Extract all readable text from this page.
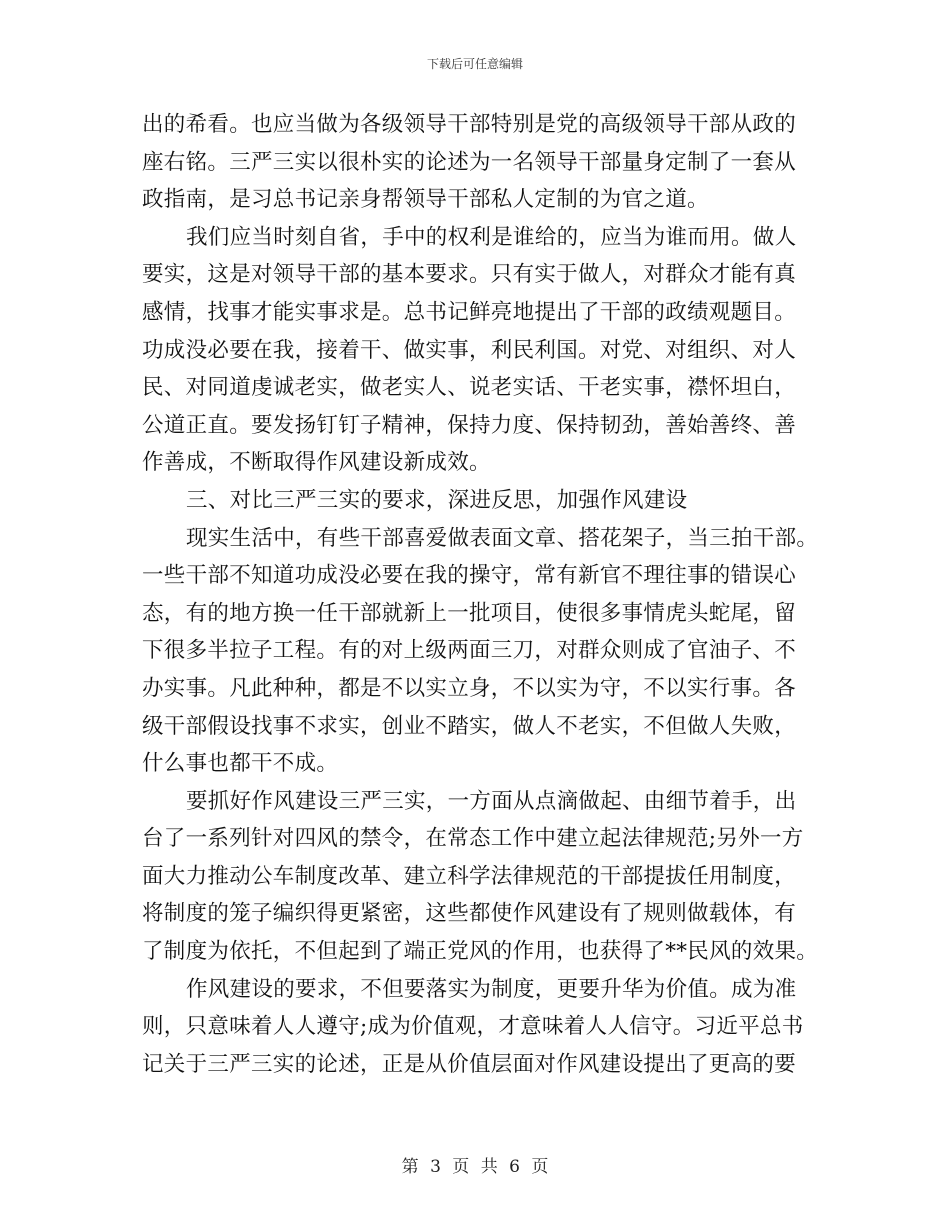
下载后可任意编辑

出的希看。也应当做为各级领导干部特别是党的高级领导干部从政的

座右铭。三严三实以很朴实的论述为一名领导干部量身定制了一套从

政指南，是习总书记亲身帮领导干部私人定制的为官之道。

我们应当时刻自省，手中的权利是谁给的，应当为谁而用。做人

要实，这是对领导干部的基本要求。只有实于做人，对群众才能有真

感情，找事才能实事求是。总书记鲜亮地提出了干部的政绩观题目。

功成没必要在我，接着干、做实事，利民利国。对党、对组织、对人

民、对同道虔诚老实，做老实人、说老实话、干老实事，襟怀坦白，

公道正直。要发扬钉钉子精神，保持力度、保持韧劲，善始善终、善

作善成，不断取得作风建设新成效。

三、对比三严三实的要求，深进反思，加强作风建设

现实生活中，有些干部喜爱做表面文章、搭花架子，当三拍干部。

一些干部不知道功成没必要在我的操守，常有新官不理往事的错误心

态，有的地方换一任干部就新上一批项目，使很多事情虎头蛇尾，留

下很多半拉子工程。有的对上级两面三刀，对群众则成了官油子、不

办实事。凡此种种，都是不以实立身，不以实为守，不以实行事。各

级干部假设找事不求实，创业不踏实，做人不老实，不但做人失败，

什么事也都干不成。

要抓好作风建设三严三实，一方面从点滴做起、由细节着手，出

台了一系列针对四风的禁令，在常态工作中建立起法律规范;另外一方

面大力推动公车制度改革、建立科学法律规范的干部提拔任用制度，

将制度的笼子编织得更紧密，这些都使作风建设有了规则做载体，有

了制度为依托，不但起到了端正党风的作用，也获得了**民风的效果。

作风建设的要求，不但要落实为制度，更要升华为价值。成为准

则，只意味着人人遵守;成为价值观，才意味着人人信守。习近平总书

记关于三严三实的论述，正是从价值层面对作风建设提出了更高的要

第 3 页 共 6 页
